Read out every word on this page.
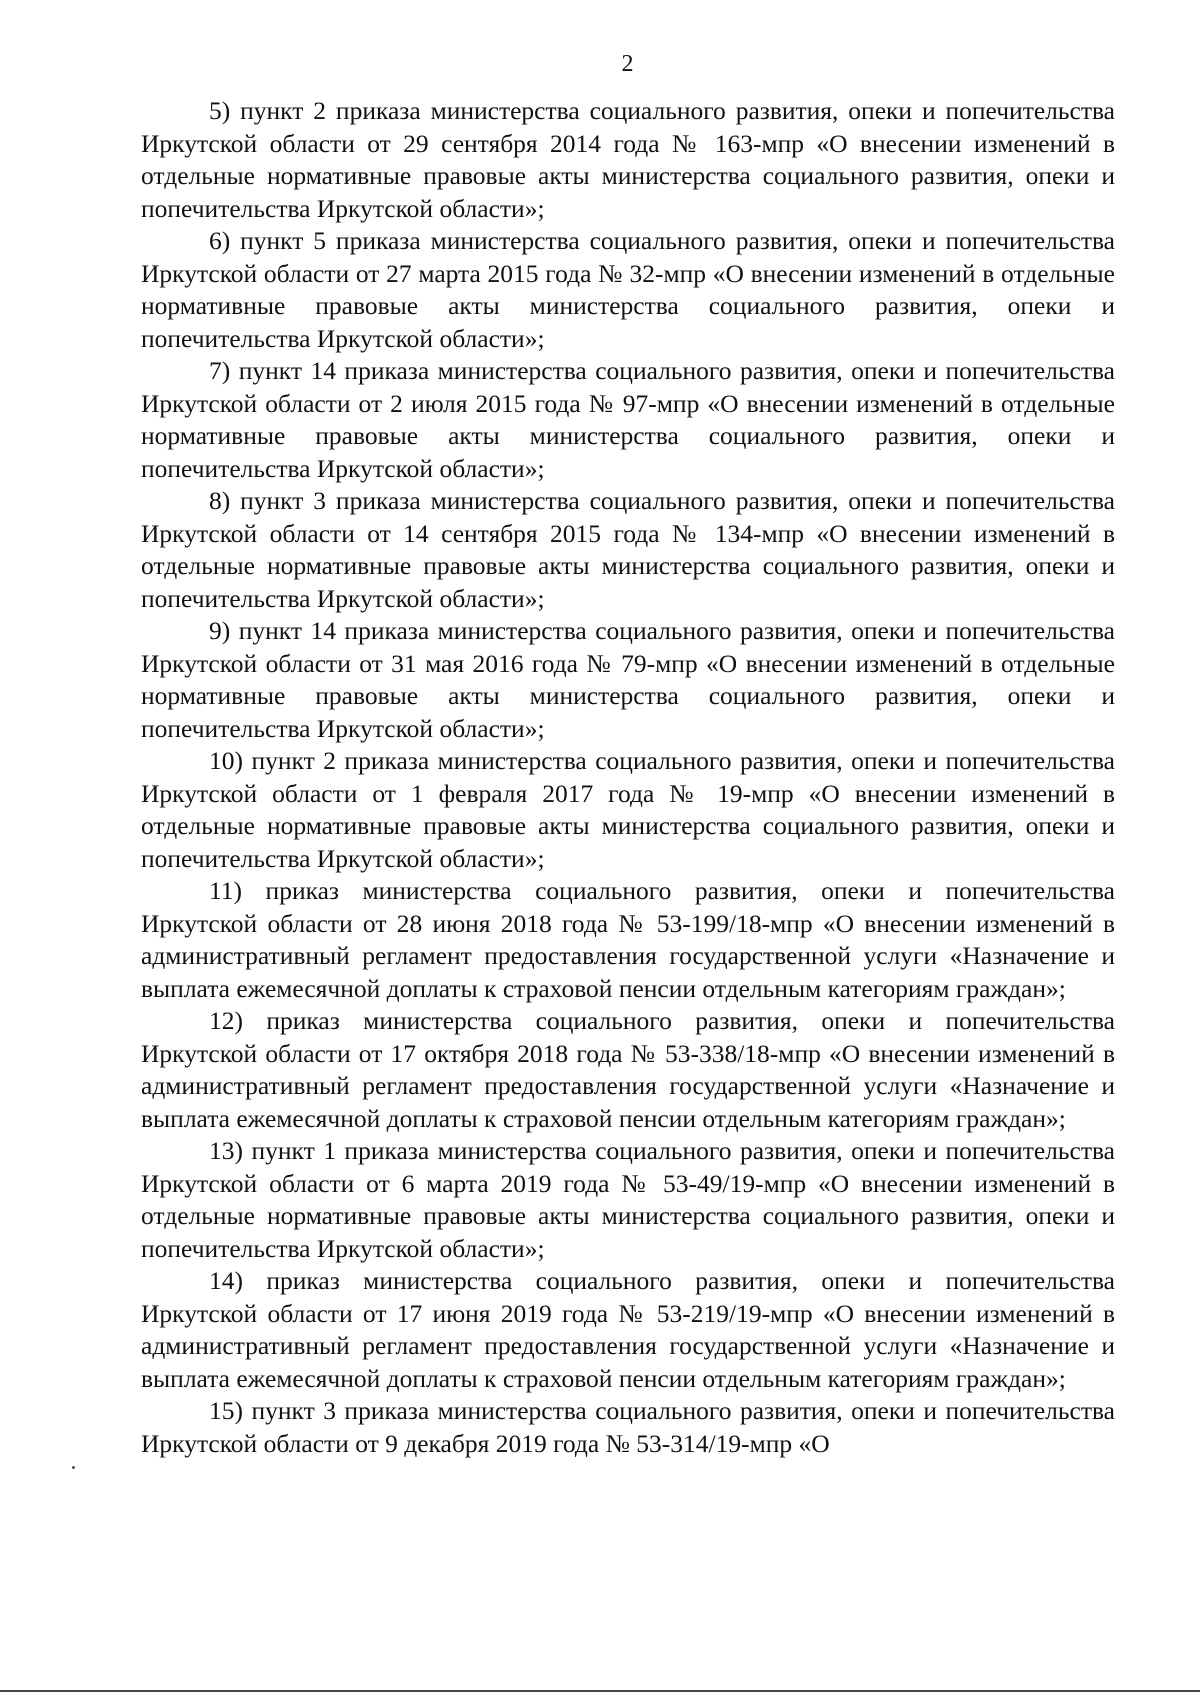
2

5) пункт 2 приказа министерства социального развития, опеки и попечительства Иркутской области от 29 сентября 2014 года № 163-мпр «О внесении изменений в отдельные нормативные правовые акты министерства социального развития, опеки и попечительства Иркутской области»;

6) пункт 5 приказа министерства социального развития, опеки и попечительства Иркутской области от 27 марта 2015 года № 32-мпр «О внесении изменений в отдельные нормативные правовые акты министерства социального развития, опеки и попечительства Иркутской области»;

7) пункт 14 приказа министерства социального развития, опеки и попечительства Иркутской области от 2 июля 2015 года № 97-мпр «О внесении изменений в отдельные нормативные правовые акты министерства социального развития, опеки и попечительства Иркутской области»;

8) пункт 3 приказа министерства социального развития, опеки и попечительства Иркутской области от 14 сентября 2015 года № 134-мпр «О внесении изменений в отдельные нормативные правовые акты министерства социального развития, опеки и попечительства Иркутской области»;

9) пункт 14 приказа министерства социального развития, опеки и попечительства Иркутской области от 31 мая 2016 года № 79-мпр «О внесении изменений в отдельные нормативные правовые акты министерства социального развития, опеки и попечительства Иркутской области»;

10) пункт 2 приказа министерства социального развития, опеки и попечительства Иркутской области от 1 февраля 2017 года № 19-мпр «О внесении изменений в отдельные нормативные правовые акты министерства социального развития, опеки и попечительства Иркутской области»;

11) приказ министерства социального развития, опеки и попечительства Иркутской области от 28 июня 2018 года № 53-199/18-мпр «О внесении изменений в административный регламент предоставления государственной услуги «Назначение и выплата ежемесячной доплаты к страховой пенсии отдельным категориям граждан»;

12) приказ министерства социального развития, опеки и попечительства Иркутской области от 17 октября 2018 года № 53-338/18-мпр «О внесении изменений в административный регламент предоставления государственной услуги «Назначение и выплата ежемесячной доплаты к страховой пенсии отдельным категориям граждан»;

13) пункт 1 приказа министерства социального развития, опеки и попечительства Иркутской области от 6 марта 2019 года № 53-49/19-мпр «О внесении изменений в отдельные нормативные правовые акты министерства социального развития, опеки и попечительства Иркутской области»;

14) приказ министерства социального развития, опеки и попечительства Иркутской области от 17 июня 2019 года № 53-219/19-мпр «О внесении изменений в административный регламент предоставления государственной услуги «Назначение и выплата ежемесячной доплаты к страховой пенсии отдельным категориям граждан»;

15) пункт 3 приказа министерства социального развития, опеки и попечительства Иркутской области от 9 декабря 2019 года № 53-314/19-мпр «О
